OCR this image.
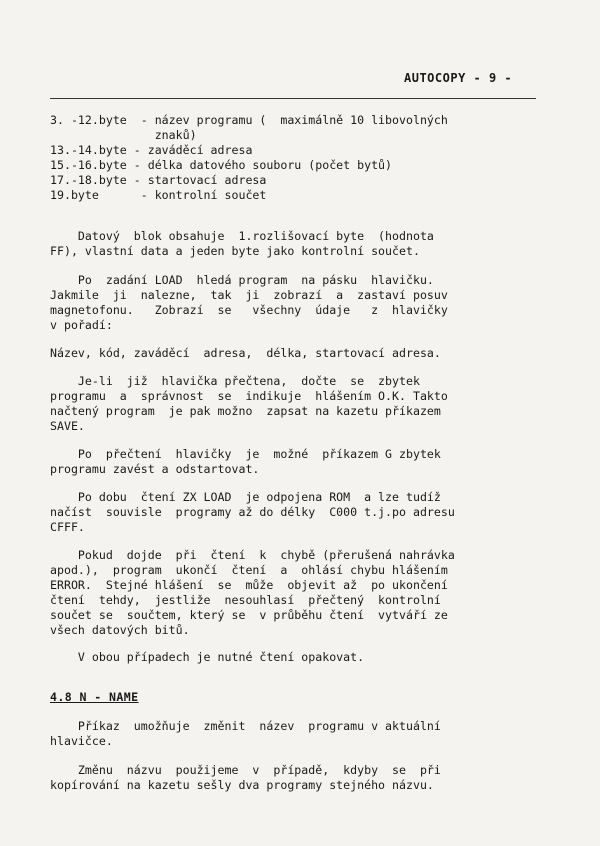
AUTOCOPY - 9 -
3. -12.byte  - název programu (  maximálně 10 libovolných
znaků)
13.-14.byte - zaváděcí adresa
15.-16.byte - délka datového souboru (počet bytů)
17.-18.byte - startovací adresa
19.byte      - kontrolní součet
Datový  blok obsahuje  1.rozlišovací byte  (hodnota
FF), vlastní data a jeden byte jako kontrolní součet.
Po  zadání LOAD  hledá program  na pásku  hlavičku.
Jakmile  ji  nalezne,  tak  ji  zobrazí  a  zastaví posuv
magnetofonu.   Zobrazí  se   všechny  údaje   z  hlavičky
v pořadí:
Název, kód, zaváděcí  adresa,  délka, startovací adresa.
Je-li  již  hlavička přečtena,  dočte  se  zbytek
programu  a  správnost  se  indikuje  hlášením O.K. Takto
načtený program  je pak možno  zapsat na kazetu příkazem
SAVE.
Po  přečtení  hlavičky  je  možné  příkazem G zbytek
programu zavést a odstartovat.
Po dobu  čtení ZX LOAD  je odpojena ROM  a lze tudíž
načíst  souvisle  programy až do délky  C000 t.j.po adresu
CFFF.
Pokud  dojde  při  čtení  k  chybě (přerušená nahrávka
apod.),  program  ukončí  čtení  a  ohlásí chybu hlášením
ERROR.  Stejné hlášení  se  může  objevit až  po ukončení
čtení  tehdy,  jestliže  nesouhlasí  přečtený  kontrolní
součet se  součtem, který se  v průběhu čtení  vytváří ze
všech datových bitů.
V obou případech je nutné čtení opakovat.
4.8 N - NAME
Příkaz  umožňuje  změnit  název  programu v aktuální
hlavičce.
Změnu  názvu  použijeme  v  případě,  kdyby  se  při
kopírování na kazetu sešly dva programy stejného názvu.
